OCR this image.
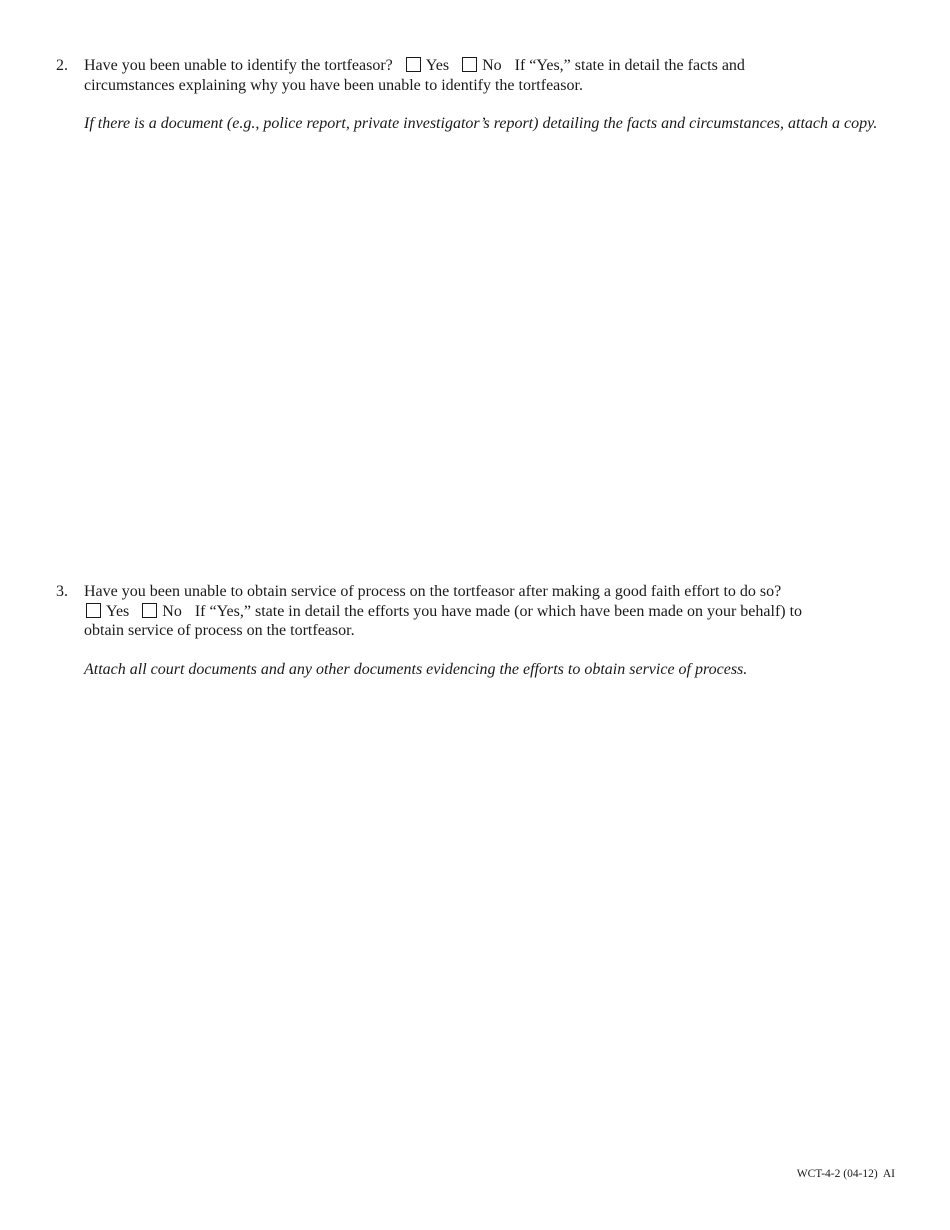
2. Have you been unable to identify the tortfeasor? Yes No If “Yes,” state in detail the facts and
circumstances explaining why you have been unable to identify the tortfeasor.
If there is a document (e.g., police report, private investigator’s report) detailing the facts and circumstances, attach a copy.
3. Have you been unable to obtain service of process on the tortfeasor after making a good faith effort to do so?
Yes No If “Yes,” state in detail the efforts you have made (or which have been made on your behalf) to
obtain service of process on the tortfeasor.
Attach all court documents and any other documents evidencing the efforts to obtain service of process.
WCT-4-2 (04-12)  AI
